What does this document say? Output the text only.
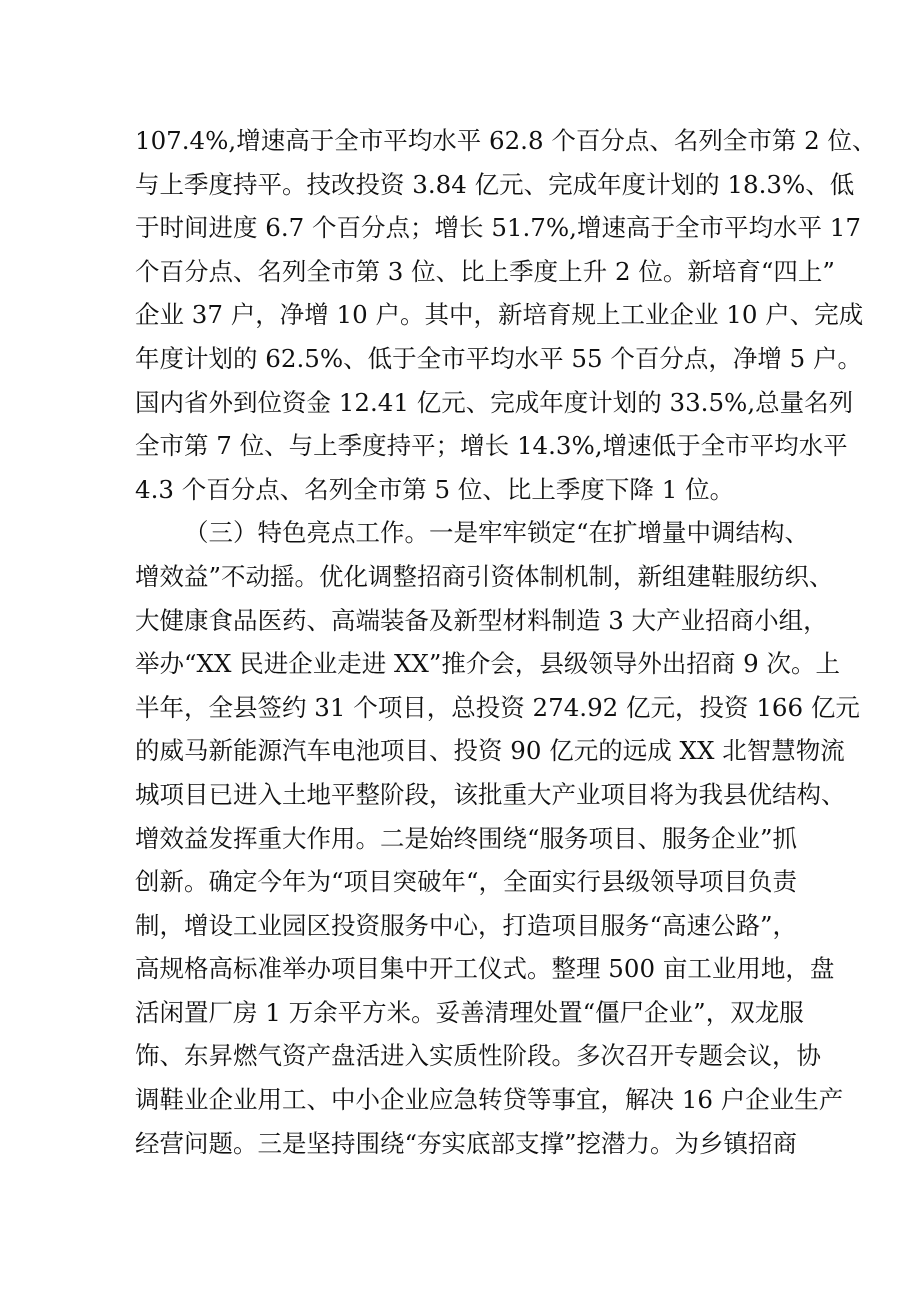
107.4%,增速高于全市平均水平 62.8 个百分点、名列全市第 2 位、
与上季度持平。技改投资 3.84 亿元、完成年度计划的 18.3%、低
于时间进度 6.7 个百分点；增长 51.7%,增速高于全市平均水平 17
个百分点、名列全市第 3 位、比上季度上升 2 位。新培育“四上”
企业 37 户，净增 10 户。其中，新培育规上工业企业 10 户、完成
年度计划的 62.5%、低于全市平均水平 55 个百分点，净增 5 户。
国内省外到位资金 12.41 亿元、完成年度计划的 33.5%,总量名列
全市第 7 位、与上季度持平；增长 14.3%,增速低于全市平均水平
4.3 个百分点、名列全市第 5 位、比上季度下降 1 位。
（三）特色亮点工作。一是牢牢锁定“在扩增量中调结构、
增效益”不动摇。优化调整招商引资体制机制，新组建鞋服纺织、
大健康食品医药、高端装备及新型材料制造 3 大产业招商小组，
举办“XX 民进企业走进 XX”推介会，县级领导外出招商 9 次。上
半年，全县签约 31 个项目，总投资 274.92 亿元，投资 166 亿元
的威马新能源汽车电池项目、投资 90 亿元的远成 XX 北智慧物流
城项目已进入土地平整阶段，该批重大产业项目将为我县优结构、
增效益发挥重大作用。二是始终围绕“服务项目、服务企业”抓
创新。确定今年为“项目突破年“，全面实行县级领导项目负责
制，增设工业园区投资服务中心，打造项目服务“高速公路”，
高规格高标准举办项目集中开工仪式。整理 500 亩工业用地，盘
活闲置厂房 1 万余平方米。妥善清理处置“僵尸企业”，双龙服
饰、东昇燃气资产盘活进入实质性阶段。多次召开专题会议，协
调鞋业企业用工、中小企业应急转贷等事宜，解决 16 户企业生产
经营问题。三是坚持围绕“夯实底部支撑”挖潜力。为乡镇招商
